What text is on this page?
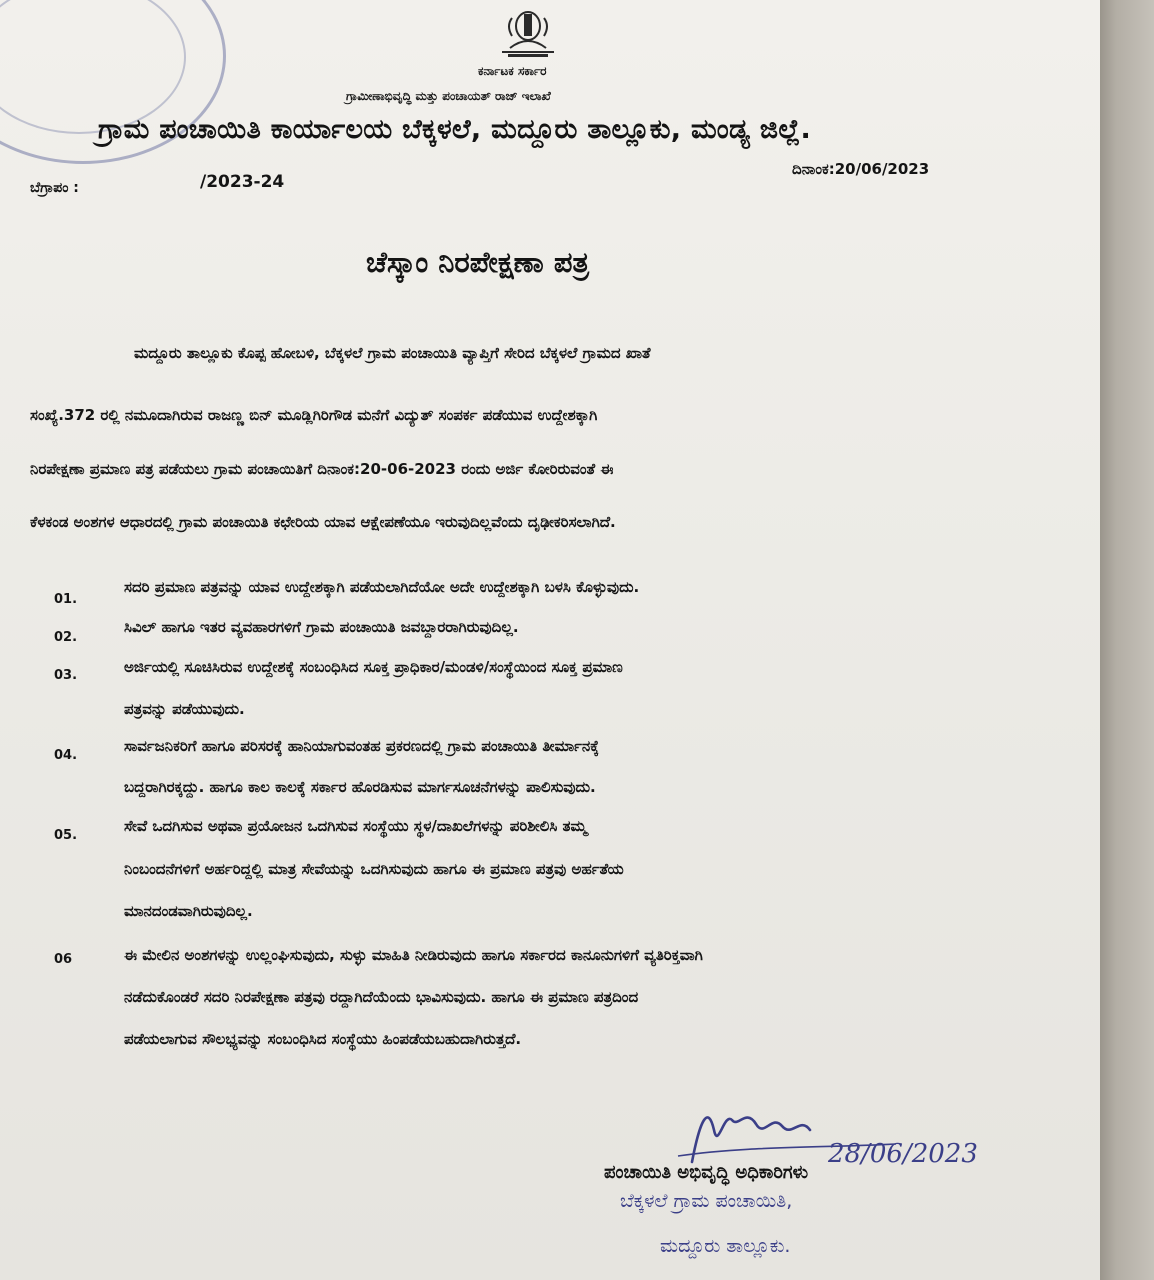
ಕರ್ನಾಟಕ ಸರ್ಕಾರ
ಗ್ರಾಮೀಣಾಭಿವೃದ್ಧಿ ಮತ್ತು ಪಂಚಾಯತ್ ರಾಜ್ ಇಲಾಖೆ
ಗ್ರಾಮ ಪಂಚಾಯಿತಿ ಕಾರ್ಯಾಲಯ ಬೆಕ್ಕಳಲೆ, ಮದ್ದೂರು ತಾಲ್ಲೂಕು, ಮಂಡ್ಯ ಜಿಲ್ಲೆ.
ಬೆಗ್ರಾಪಂ :	/2023-24
ದಿನಾಂಕ:20/06/2023
ಚೆಸ್ಕಾಂ ನಿರಪೇಕ್ಷಣಾ ಪತ್ರ
ಮದ್ದೂರು ತಾಲ್ಲೂಕು ಕೊಪ್ಪ ಹೋಬಳಿ, ಬೆಕ್ಕಳಲೆ ಗ್ರಾಮ ಪಂಚಾಯಿತಿ ವ್ಯಾಪ್ತಿಗೆ ಸೇರಿದ ಬೆಕ್ಕಳಲೆ ಗ್ರಾಮದ ಖಾತೆ
ಸಂಖ್ಯೆ.372 ರಲ್ಲಿ ನಮೂದಾಗಿರುವ ರಾಜಣ್ಣ ಬಿನ್ ಮೂಡ್ಲಿಗಿರಿಗೌಡ ಮನೆಗೆ ವಿದ್ಯುತ್ ಸಂಪರ್ಕ ಪಡೆಯುವ ಉದ್ದೇಶಕ್ಕಾಗಿ
ನಿರಪೇಕ್ಷಣಾ ಪ್ರಮಾಣ ಪತ್ರ ಪಡೆಯಲು ಗ್ರಾಮ ಪಂಚಾಯಿತಿಗೆ ದಿನಾಂಕ:20-06-2023 ರಂದು ಅರ್ಜಿ ಕೋರಿರುವಂತೆ ಈ
ಕೆಳಕಂಡ ಅಂಶಗಳ ಆಧಾರದಲ್ಲಿ ಗ್ರಾಮ ಪಂಚಾಯಿತಿ ಕಛೇರಿಯ ಯಾವ ಆಕ್ಷೇಪಣೆಯೂ ಇರುವುದಿಲ್ಲವೆಂದು ದೃಢೀಕರಿಸಲಾಗಿದೆ.
01.
ಸದರಿ ಪ್ರಮಾಣ ಪತ್ರವನ್ನು ಯಾವ ಉದ್ದೇಶಕ್ಕಾಗಿ ಪಡೆಯಲಾಗಿದೆಯೋ ಅದೇ ಉದ್ದೇಶಕ್ಕಾಗಿ ಬಳಸಿ ಕೊಳ್ಳುವುದು.
02.
ಸಿವಿಲ್ ಹಾಗೂ ಇತರ ವ್ಯವಹಾರಗಳಿಗೆ ಗ್ರಾಮ ಪಂಚಾಯಿತಿ ಜವಬ್ದಾರರಾಗಿರುವುದಿಲ್ಲ.
03.	ಅರ್ಜಿಯಲ್ಲಿ ಸೂಚಿಸಿರುವ ಉದ್ದೇಶಕ್ಕೆ ಸಂಬಂಧಿಸಿದ ಸೂಕ್ತ ಪ್ರಾಧಿಕಾರ/ಮಂಡಳಿ/ಸಂಸ್ಥೆಯಿಂದ ಸೂಕ್ತ ಪ್ರಮಾಣ
ಪತ್ರವನ್ನು ಪಡೆಯುವುದು.
04.
ಸಾರ್ವಜನಿಕರಿಗೆ ಹಾಗೂ ಪರಿಸರಕ್ಕೆ ಹಾನಿಯಾಗುವಂತಹ ಪ್ರಕರಣದಲ್ಲಿ ಗ್ರಾಮ ಪಂಚಾಯಿತಿ ತೀರ್ಮಾನಕ್ಕೆ
ಬದ್ದರಾಗಿರಕ್ಕದ್ದು. ಹಾಗೂ ಕಾಲ ಕಾಲಕ್ಕೆ ಸರ್ಕಾರ ಹೊರಡಿಸುವ ಮಾರ್ಗಸೂಚನೆಗಳನ್ನು ಪಾಲಿಸುವುದು.
05.
ಸೇವೆ ಒದಗಿಸುವ ಅಥವಾ ಪ್ರಯೋಜನ ಒದಗಿಸುವ ಸಂಸ್ಥೆಯು ಸ್ಥಳ/ದಾಖಲೆಗಳನ್ನು ಪರಿಶೀಲಿಸಿ ತಮ್ಮ
ನಿಂಬಂದನೆಗಳಿಗೆ ಅರ್ಹರಿದ್ದಲ್ಲಿ ಮಾತ್ರ ಸೇವೆಯನ್ನು ಒದಗಿಸುವುದು ಹಾಗೂ ಈ ಪ್ರಮಾಣ ಪತ್ರವು ಅರ್ಹತೆಯ
ಮಾನದಂಡವಾಗಿರುವುದಿಲ್ಲ.
06	ಈ ಮೇಲಿನ ಅಂಶಗಳನ್ನು ಉಲ್ಲಂಘಿಸುವುದು, ಸುಳ್ಳು ಮಾಹಿತಿ ನೀಡಿರುವುದು ಹಾಗೂ ಸರ್ಕಾರದ ಕಾನೂನುಗಳಿಗೆ ವ್ಯತಿರಿಕ್ತವಾಗಿ
ನಡೆದುಕೊಂಡರೆ ಸದರಿ ನಿರಪೇಕ್ಷಣಾ ಪತ್ರವು ರದ್ದಾಗಿದೆಯೆಂದು ಭಾವಿಸುವುದು. ಹಾಗೂ ಈ ಪ್ರಮಾಣ ಪತ್ರದಿಂದ
ಪಡೆಯಲಾಗುವ ಸೌಲಭ್ಯವನ್ನು ಸಂಬಂಧಿಸಿದ ಸಂಸ್ಥೆಯು ಹಿಂಪಡೆಯಬಹುದಾಗಿರುತ್ತದೆ.
28/06/2023
ಪಂಚಾಯಿತಿ ಅಭಿವೃದ್ಧಿ ಅಧಿಕಾರಿಗಳು
ಬೆಕ್ಕಳಲೆ ಗ್ರಾಮ ಪಂಚಾಯಿತಿ,
ಮದ್ದೂರು ತಾಲ್ಲೂಕು.
